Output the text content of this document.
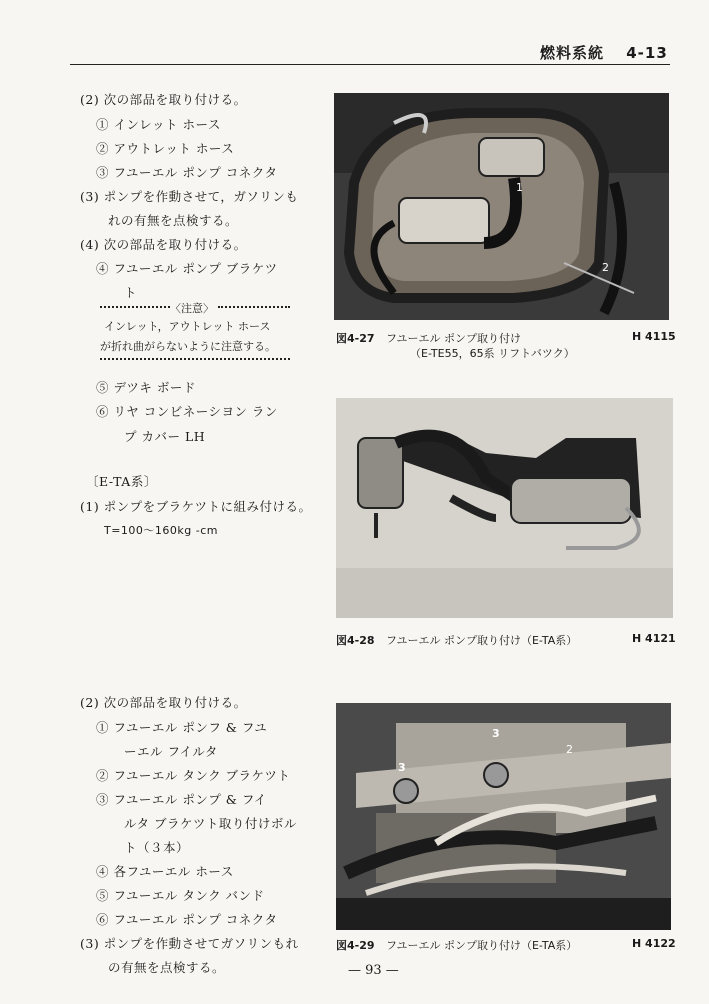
燃料系統 4-13
(2) 次の部品を取り付ける。
① インレット ホース
② アウトレット ホース
③ フユーエル ポンプ コネクタ
(3) ポンプを作動させて，ガソリンも
れの有無を点検する。
(4) 次の部品を取り付ける。
④ フユーエル ポンプ ブラケツ
ト
〈注意〉
インレット，アウトレット ホース
が折れ曲がらないように注意する。
⑤ デツキ ボード
⑥ リヤ コンビネーシヨン ラン
プ カバー LH
〔E-TA系〕
(1) ポンプをブラケツトに組み付ける。
T=100～160kg -cm
(2) 次の部品を取り付ける。
① フユーエル ポンフ & フユ
ーエル フイルタ
② フユーエル タンク ブラケツト
③ フユーエル ポンプ & フイ
ルタ ブラケツト取り付けボル
ト（３本）
④ 各フユーエル ホース
⑤ フユーエル タンク バンド
⑥ フユーエル ポンプ コネクタ
(3) ポンプを作動させてガソリンもれ
の有無を点検する。
1
2
図4-27 フユーエル ポンプ取り付け	H 4115
（E-TE55，65系 リフトバツク）
図4-28 フユーエル ポンプ取り付け（E-TA系）	H 4121
3
3
2
図4-29 フユーエル ポンプ取り付け（E-TA系）	H 4122
— 93 —
